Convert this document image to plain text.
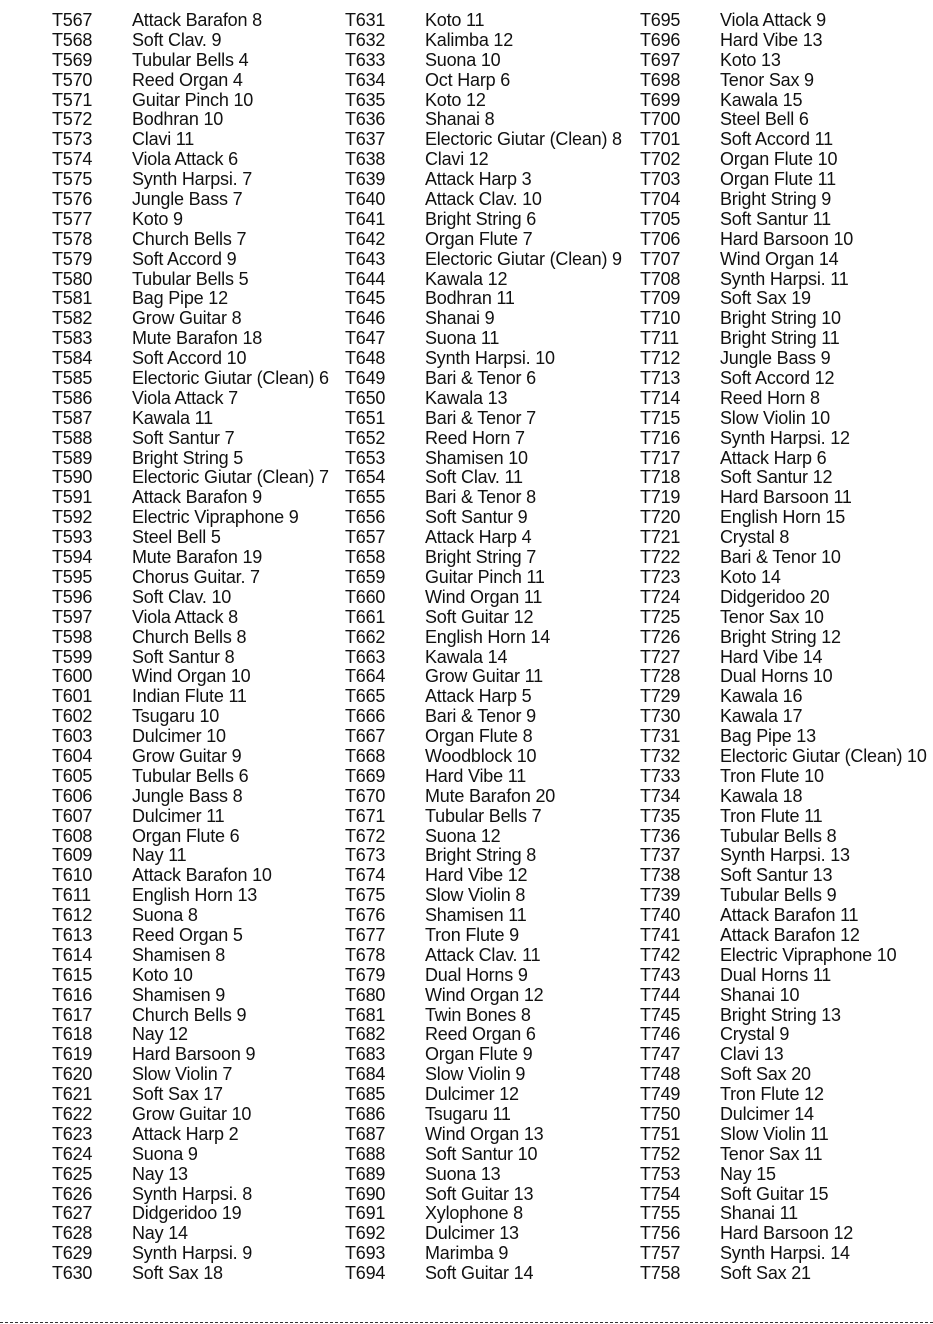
T567	Attack Barafon 8
T568	Soft Clav. 9
T569	Tubular Bells 4
T570	Reed Organ 4
T571	Guitar Pinch 10
T572	Bodhran 10
T573	Clavi 11
T574	Viola Attack 6
T575	Synth Harpsi. 7
T576	Jungle Bass 7
T577	Koto 9
T578	Church Bells 7
T579	Soft Accord 9
T580	Tubular Bells 5
T581	Bag Pipe 12
T582	Grow Guitar 8
T583	Mute Barafon 18
T584	Soft Accord 10
T585	Electoric Giutar (Clean) 6
T586	Viola Attack 7
T587	Kawala 11
T588	Soft Santur 7
T589	Bright String 5
T590	Electoric Giutar (Clean) 7
T591	Attack Barafon 9
T592	Electric Vipraphone 9
T593	Steel Bell 5
T594	Mute Barafon 19
T595	Chorus Guitar. 7
T596	Soft Clav. 10
T597	Viola Attack 8
T598	Church Bells 8
T599	Soft Santur 8
T600	Wind Organ 10
T601	Indian Flute 11
T602	Tsugaru 10
T603	Dulcimer 10
T604	Grow Guitar 9
T605	Tubular Bells 6
T606	Jungle Bass 8
T607	Dulcimer 11
T608	Organ Flute 6
T609	Nay 11
T610	Attack Barafon 10
T611	English Horn 13
T612	Suona 8
T613	Reed Organ 5
T614	Shamisen 8
T615	Koto 10
T616	Shamisen 9
T617	Church Bells 9
T618	Nay 12
T619	Hard Barsoon 9
T620	Slow Violin 7
T621	Soft Sax 17
T622	Grow Guitar 10
T623	Attack Harp 2
T624	Suona 9
T625	Nay 13
T626	Synth Harpsi. 8
T627	Didgeridoo 19
T628	Nay 14
T629	Synth Harpsi. 9
T630	Soft Sax 18
T631	Koto 11
T632	Kalimba 12
T633	Suona 10
T634	Oct Harp 6
T635	Koto 12
T636	Shanai 8
T637	Electoric Giutar (Clean) 8
T638	Clavi 12
T639	Attack Harp 3
T640	Attack Clav. 10
T641	Bright String 6
T642	Organ Flute 7
T643	Electoric Giutar (Clean) 9
T644	Kawala 12
T645	Bodhran 11
T646	Shanai 9
T647	Suona 11
T648	Synth Harpsi. 10
T649	Bari & Tenor 6
T650	Kawala 13
T651	Bari & Tenor 7
T652	Reed Horn 7
T653	Shamisen 10
T654	Soft Clav. 11
T655	Bari & Tenor 8
T656	Soft Santur 9
T657	Attack Harp 4
T658	Bright String 7
T659	Guitar Pinch 11
T660	Wind Organ 11
T661	Soft Guitar 12
T662	English Horn 14
T663	Kawala 14
T664	Grow Guitar 11
T665	Attack Harp 5
T666	Bari & Tenor 9
T667	Organ Flute 8
T668	Woodblock 10
T669	Hard Vibe 11
T670	Mute Barafon 20
T671	Tubular Bells 7
T672	Suona 12
T673	Bright String 8
T674	Hard Vibe 12
T675	Slow Violin 8
T676	Shamisen 11
T677	Tron Flute 9
T678	Attack Clav. 11
T679	Dual Horns 9
T680	Wind Organ 12
T681	Twin Bones 8
T682	Reed Organ 6
T683	Organ Flute 9
T684	Slow Violin 9
T685	Dulcimer 12
T686	Tsugaru 11
T687	Wind Organ 13
T688	Soft Santur 10
T689	Suona 13
T690	Soft Guitar 13
T691	Xylophone 8
T692	Dulcimer 13
T693	Marimba 9
T694	Soft Guitar 14
T695	Viola Attack 9
T696	Hard Vibe 13
T697	Koto 13
T698	Tenor Sax 9
T699	Kawala 15
T700	Steel Bell 6
T701	Soft Accord 11
T702	Organ Flute 10
T703	Organ Flute 11
T704	Bright String 9
T705	Soft Santur 11
T706	Hard Barsoon 10
T707	Wind Organ 14
T708	Synth Harpsi. 11
T709	Soft Sax 19
T710	Bright String 10
T711	Bright String 11
T712	Jungle Bass 9
T713	Soft Accord 12
T714	Reed Horn 8
T715	Slow Violin 10
T716	Synth Harpsi. 12
T717	Attack Harp 6
T718	Soft Santur 12
T719	Hard Barsoon 11
T720	English Horn 15
T721	Crystal 8
T722	Bari & Tenor 10
T723	Koto 14
T724	Didgeridoo 20
T725	Tenor Sax 10
T726	Bright String 12
T727	Hard Vibe 14
T728	Dual Horns 10
T729	Kawala 16
T730	Kawala 17
T731	Bag Pipe 13
T732	Electoric Giutar (Clean) 10
T733	Tron Flute 10
T734	Kawala 18
T735	Tron Flute 11
T736	Tubular Bells 8
T737	Synth Harpsi. 13
T738	Soft Santur 13
T739	Tubular Bells 9
T740	Attack Barafon 11
T741	Attack Barafon 12
T742	Electric Vipraphone 10
T743	Dual Horns 11
T744	Shanai 10
T745	Bright String 13
T746	Crystal 9
T747	Clavi 13
T748	Soft Sax 20
T749	Tron Flute 12
T750	Dulcimer 14
T751	Slow Violin 11
T752	Tenor Sax 11
T753	Nay 15
T754	Soft Guitar 15
T755	Shanai 11
T756	Hard Barsoon 12
T757	Synth Harpsi. 14
T758	Soft Sax 21
